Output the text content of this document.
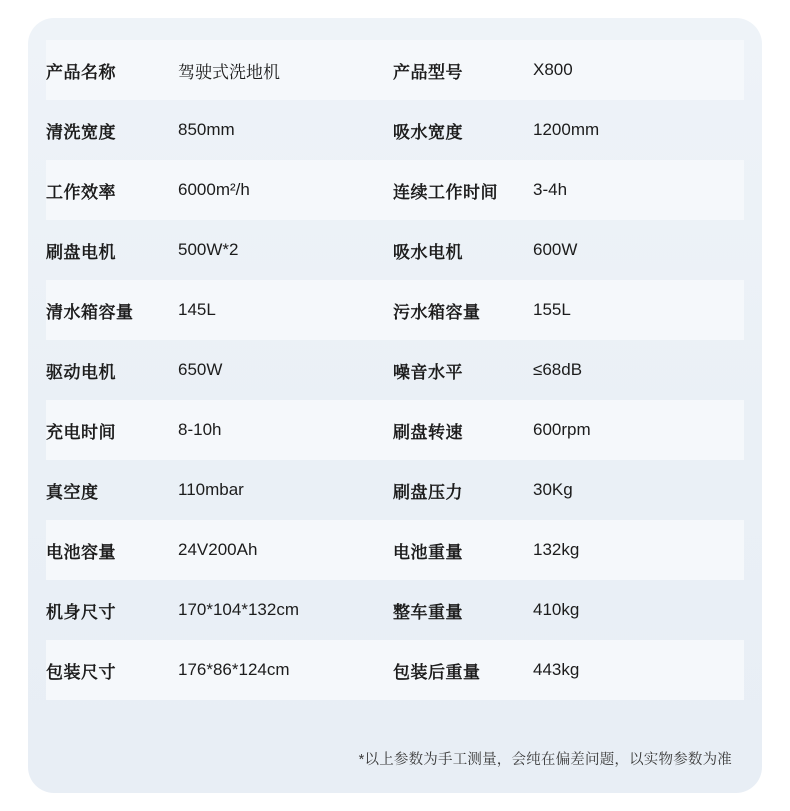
产品名称	驾驶式洗地机	产品型号	X800
清洗宽度	850mm	吸水宽度	1200mm
工作效率	6000m²/h	连续工作时间	3-4h
刷盘电机	500W*2	吸水电机	600W
清水箱容量	145L	污水箱容量	155L
驱动电机	650W	噪音水平	≤68dB
充电时间	8-10h	刷盘转速	600rpm
真空度	110mbar	刷盘压力	30Kg
电池容量	24V200Ah	电池重量	132kg
机身尺寸	170*104*132cm	整车重量	410kg
包装尺寸	176*86*124cm	包装后重量	443kg
*以上参数为手工测量，会纯在偏差问题，以实物参数为准
